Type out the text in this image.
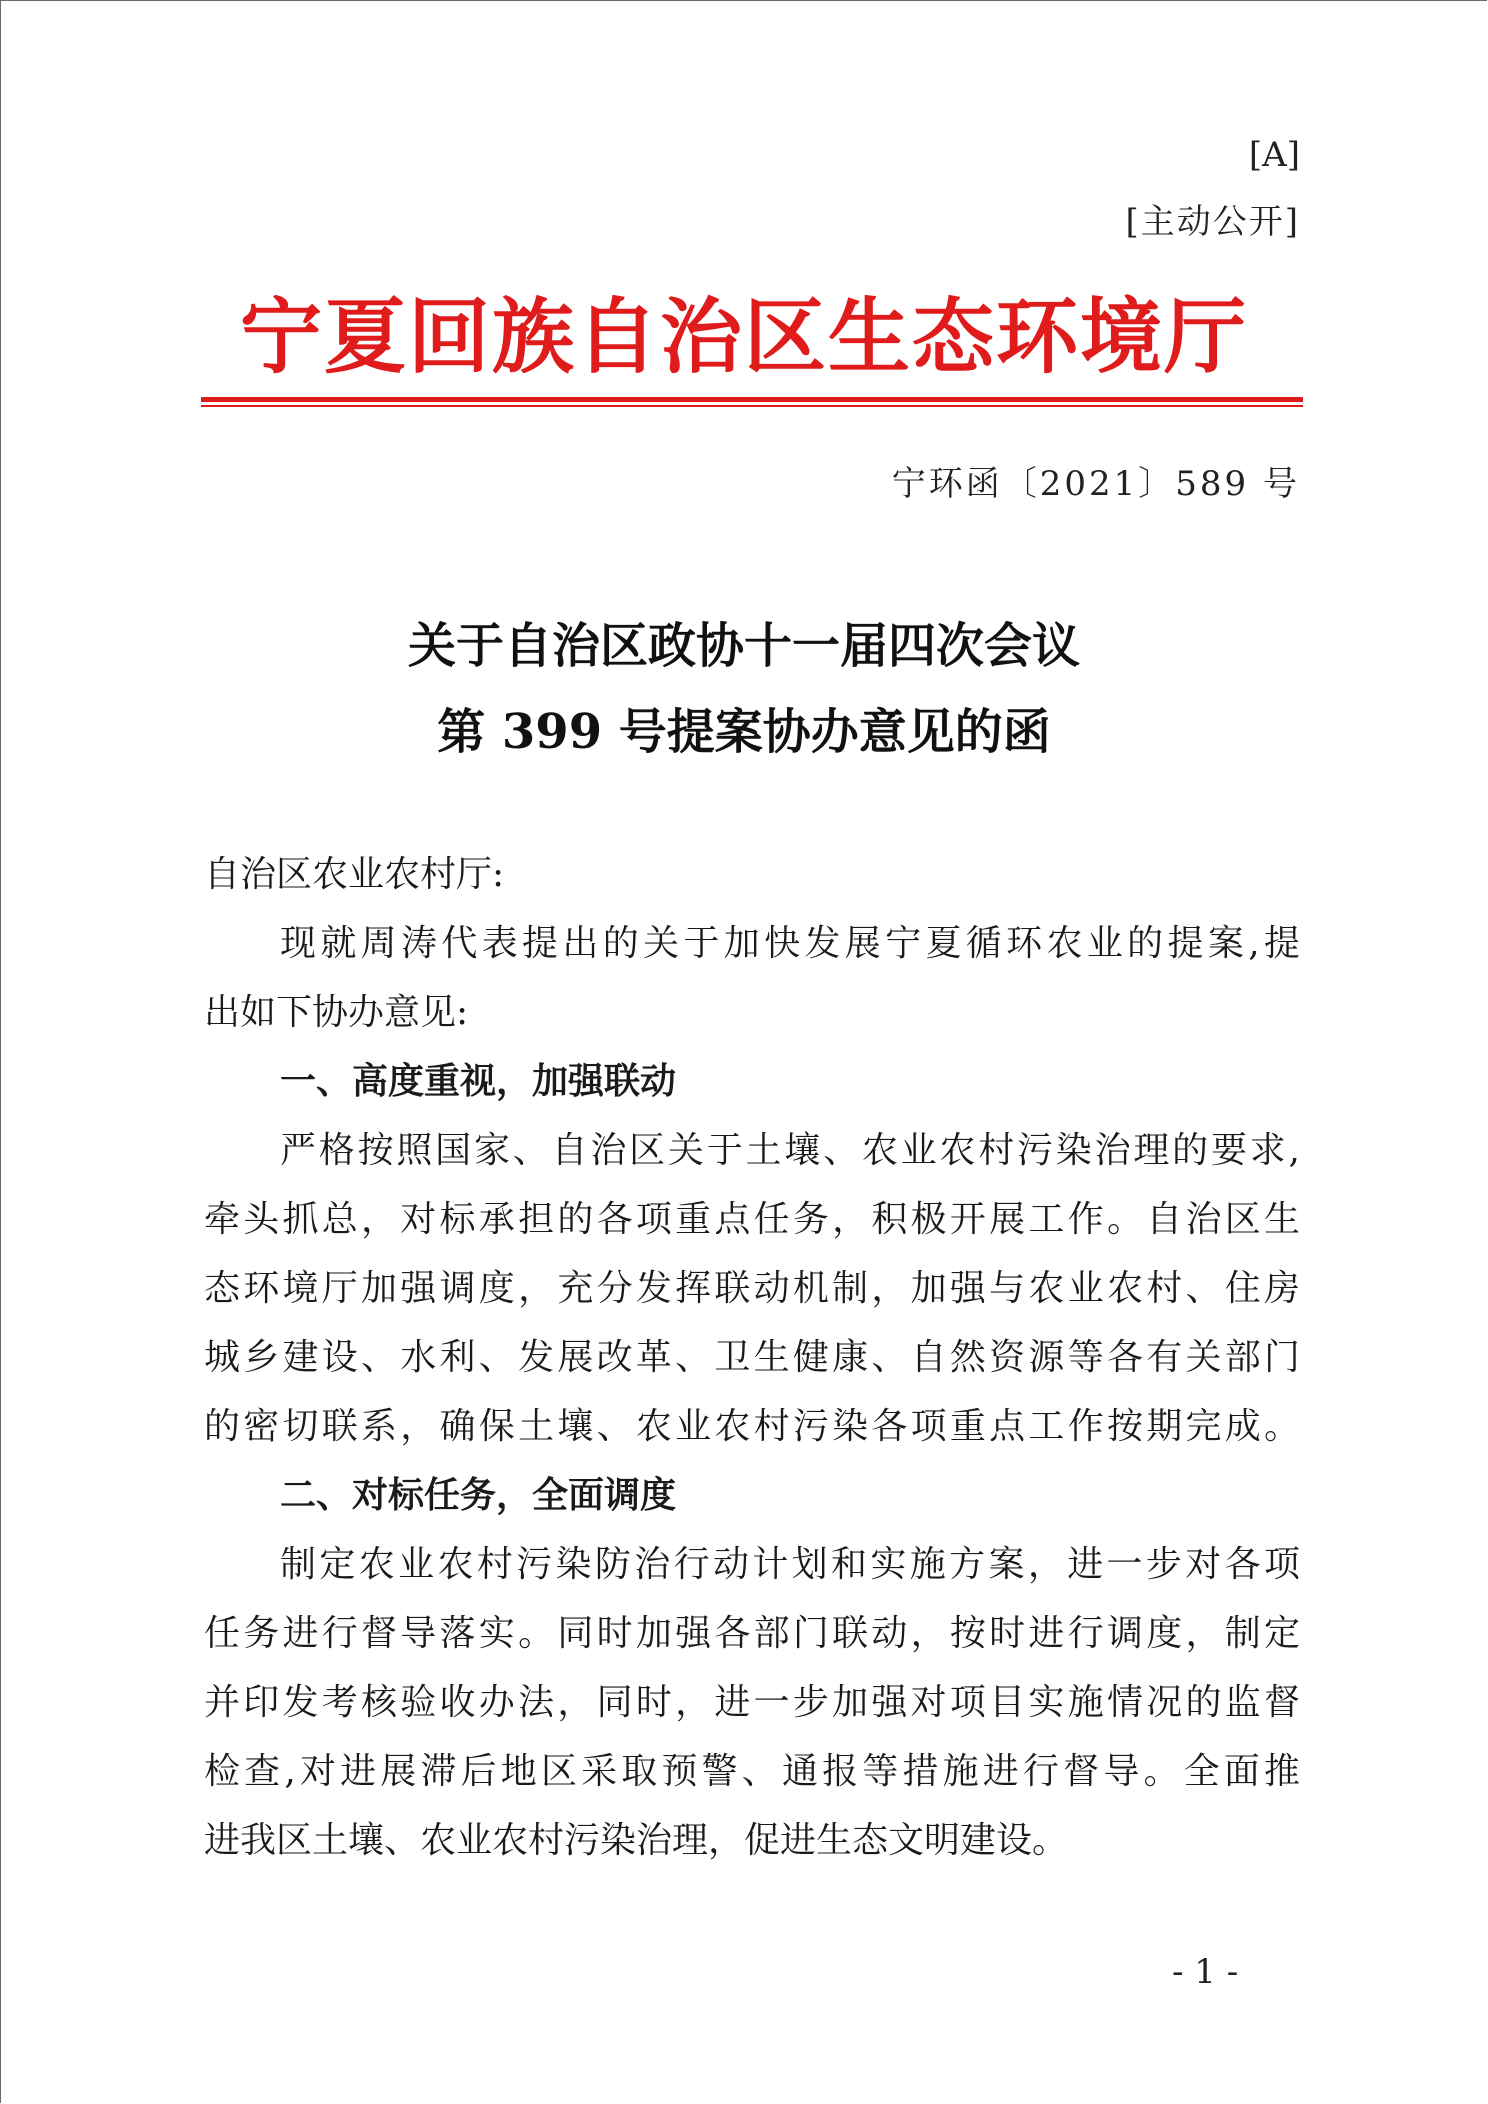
[A]
[主动公开]
宁夏回族自治区生态环境厅
宁环函〔2021〕589 号
关于自治区政协十一届四次会议
第 399 号提案协办意见的函
自治区农业农村厅:
现就周涛代表提出的关于加快发展宁夏循环农业的提案,提
出如下协办意见:
一、高度重视，加强联动
严格按照国家、自治区关于土壤、农业农村污染治理的要求,
牵头抓总，对标承担的各项重点任务，积极开展工作。自治区生
态环境厅加强调度，充分发挥联动机制，加强与农业农村、住房
城乡建设、水利、发展改革、卫生健康、自然资源等各有关部门
的密切联系，确保土壤、农业农村污染各项重点工作按期完成。
二、对标任务，全面调度
制定农业农村污染防治行动计划和实施方案，进一步对各项
任务进行督导落实。同时加强各部门联动，按时进行调度，制定
并印发考核验收办法，同时，进一步加强对项目实施情况的监督
检查,对进展滞后地区采取预警、通报等措施进行督导。全面推
进我区土壤、农业农村污染治理，促进生态文明建设。
- 1 -
